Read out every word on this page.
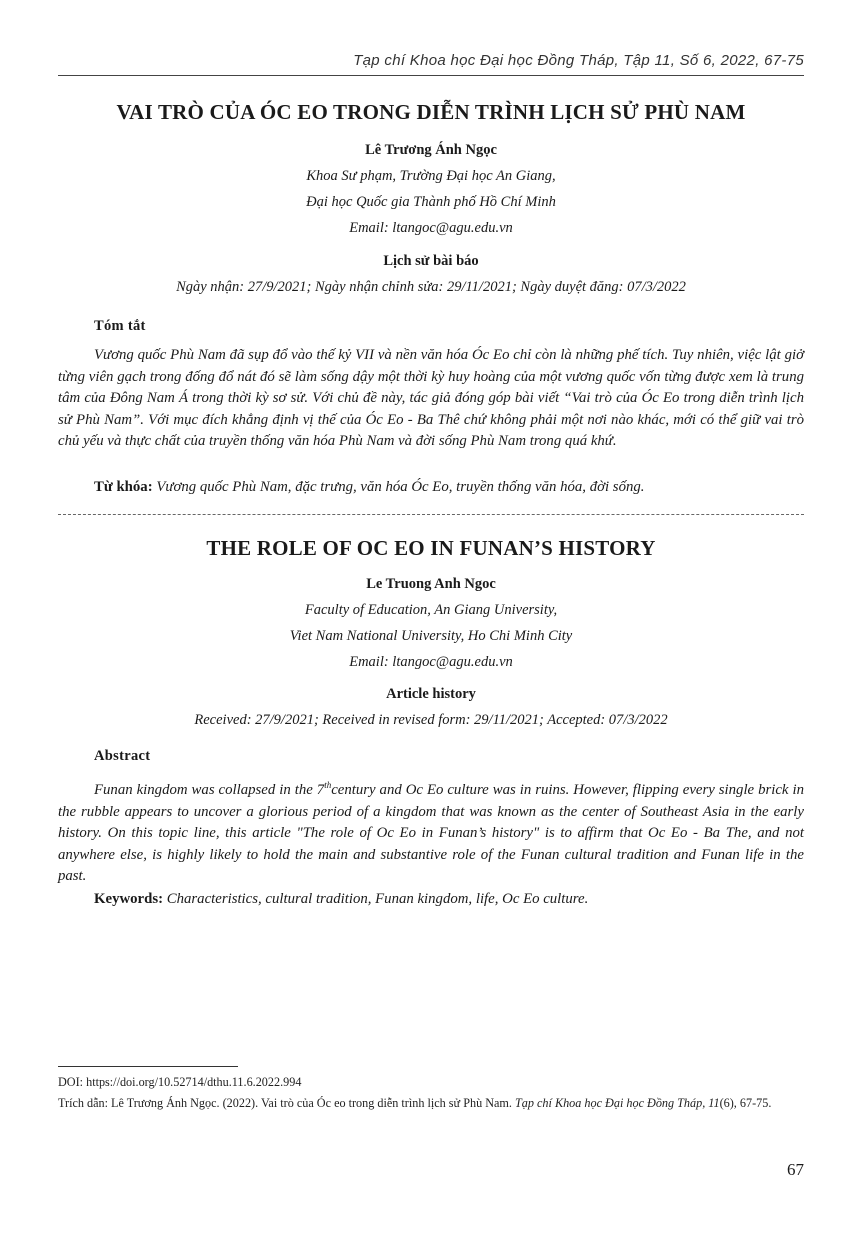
Tạp chí Khoa học Đại học Đồng Tháp, Tập 11, Số 6, 2022, 67-75
VAI TRÒ CỦA ÓC EO TRONG DIỄN TRÌNH LỊCH SỬ PHÙ NAM
Lê Trương Ánh Ngọc
Khoa Sư phạm, Trường Đại học An Giang,
Đại học Quốc gia Thành phố Hồ Chí Minh
Email: ltangoc@agu.edu.vn
Lịch sử bài báo
Ngày nhận: 27/9/2021; Ngày nhận chỉnh sửa: 29/11/2021; Ngày duyệt đăng: 07/3/2022
Tóm tắt
Vương quốc Phù Nam đã sụp đổ vào thế kỷ VII và nền văn hóa Óc Eo chỉ còn là những phế tích. Tuy nhiên, việc lật giở từng viên gạch trong đống đổ nát đó sẽ làm sống dậy một thời kỳ huy hoàng của một vương quốc vốn từng được xem là trung tâm của Đông Nam Á trong thời kỳ sơ sử. Với chủ đề này, tác giả đóng góp bài viết “Vai trò của Óc Eo trong diễn trình lịch sử Phù Nam”. Với mục đích khẳng định vị thế của Óc Eo - Ba Thê chứ không phải một nơi nào khác, mới có thể giữ vai trò chủ yếu và thực chất của truyền thống văn hóa Phù Nam và đời sống Phù Nam trong quá khứ.
Từ khóa: Vương quốc Phù Nam, đặc trưng, văn hóa Óc Eo, truyền thống văn hóa, đời sống.
THE ROLE OF OC EO IN FUNAN’S HISTORY
Le Truong Anh Ngoc
Faculty of Education, An Giang University,
Viet Nam National University, Ho Chi Minh City
Email: ltangoc@agu.edu.vn
Article history
Received: 27/9/2021; Received in revised form: 29/11/2021; Accepted: 07/3/2022
Abstract
Funan kingdom was collapsed in the 7thcentury and Oc Eo culture was in ruins. However, flipping every single brick in the rubble appears to uncover a glorious period of a kingdom that was known as the center of Southeast Asia in the early history. On this topic line, this article "The role of Oc Eo in Funan’s history" is to affirm that Oc Eo - Ba The, and not anywhere else, is highly likely to hold the main and substantive role of the Funan cultural tradition and Funan life in the past.
Keywords: Characteristics, cultural tradition, Funan kingdom, life, Oc Eo culture.
DOI: https://doi.org/10.52714/dthu.11.6.2022.994
Trích dẫn: Lê Trương Ánh Ngọc. (2022). Vai trò của Óc eo trong diễn trình lịch sử Phù Nam. Tạp chí Khoa học Đại học Đồng Tháp, 11(6), 67-75.
67
